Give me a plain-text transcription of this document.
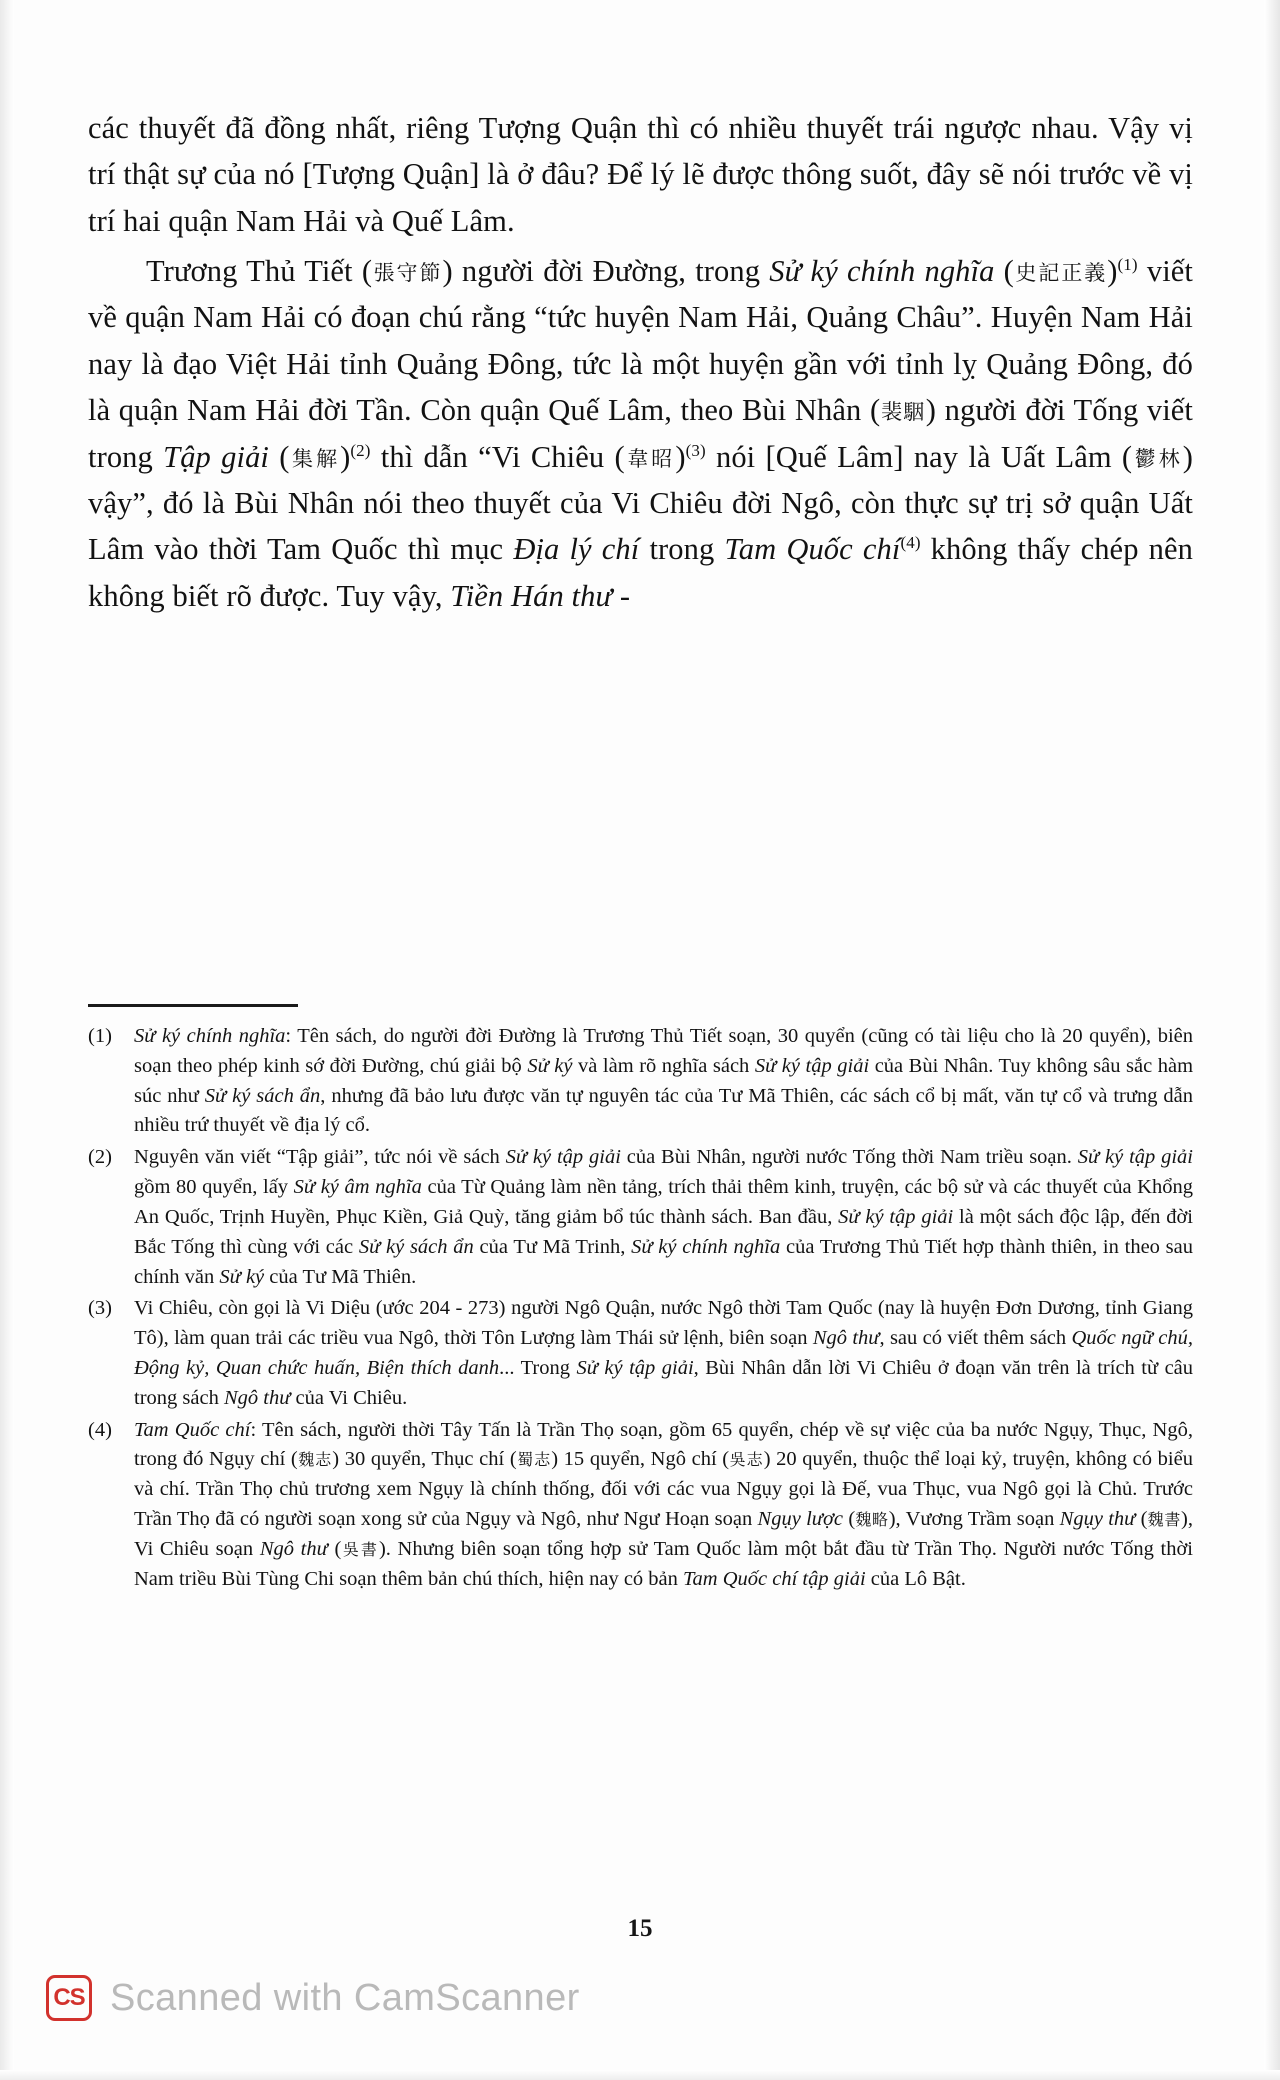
các thuyết đã đồng nhất, riêng Tượng Quận thì có nhiều thuyết trái ngược nhau. Vậy vị trí thật sự của nó [Tượng Quận] là ở đâu? Để lý lẽ được thông suốt, đây sẽ nói trước về vị trí hai quận Nam Hải và Quế Lâm.

Trương Thủ Tiết (張守節) người đời Đường, trong Sử ký chính nghĩa (史記正義)$^{(1)}$ viết về quận Nam Hải có đoạn chú rằng “tức huyện Nam Hải, Quảng Châu”. Huyện Nam Hải nay là đạo Việt Hải tỉnh Quảng Đông, tức là một huyện gần với tỉnh lỵ Quảng Đông, đó là quận Nam Hải đời Tần. Còn quận Quế Lâm, theo Bùi Nhân (裴駰) người đời Tống viết trong Tập giải (集解)$^{(2)}$ thì dẫn “Vi Chiêu (韋昭)$^{(3)}$ nói [Quế Lâm] nay là Uất Lâm (鬱林) vậy”, đó là Bùi Nhân nói theo thuyết của Vi Chiêu đời Ngô, còn thực sự trị sở quận Uất Lâm vào thời Tam Quốc thì mục Địa lý chí trong Tam Quốc chí$^{(4)}$ không thấy chép nên không biết rõ được. Tuy vậy, Tiền Hán thư -

(1)	Sử ký chính nghĩa: Tên sách, do người đời Đường là Trương Thủ Tiết soạn, 30 quyển (cũng có tài liệu cho là 20 quyển), biên soạn theo phép kinh sớ đời Đường, chú giải bộ Sử ký và làm rõ nghĩa sách Sử ký tập giải của Bùi Nhân. Tuy không sâu sắc hàm súc như Sử ký sách ẩn, nhưng đã bảo lưu được văn tự nguyên tác của Tư Mã Thiên, các sách cổ bị mất, văn tự cổ và trưng dẫn nhiều trứ thuyết về địa lý cổ.
(2)	Nguyên văn viết “Tập giải”, tức nói về sách Sử ký tập giải của Bùi Nhân, người nước Tống thời Nam triều soạn. Sử ký tập giải gồm 80 quyển, lấy Sử ký âm nghĩa của Từ Quảng làm nền tảng, trích thải thêm kinh, truyện, các bộ sử và các thuyết của Khổng An Quốc, Trịnh Huyền, Phục Kiền, Giả Quỳ, tăng giảm bổ túc thành sách. Ban đầu, Sử ký tập giải là một sách độc lập, đến đời Bắc Tống thì cùng với các Sử ký sách ẩn của Tư Mã Trinh, Sử ký chính nghĩa của Trương Thủ Tiết hợp thành thiên, in theo sau chính văn Sử ký của Tư Mã Thiên.
(3)	Vi Chiêu, còn gọi là Vi Diệu (ước 204 - 273) người Ngô Quận, nước Ngô thời Tam Quốc (nay là huyện Đơn Dương, tỉnh Giang Tô), làm quan trải các triều vua Ngô, thời Tôn Lượng làm Thái sử lệnh, biên soạn Ngô thư, sau có viết thêm sách Quốc ngữ chú, Động kỷ, Quan chức huấn, Biện thích danh... Trong Sử ký tập giải, Bùi Nhân dẫn lời Vi Chiêu ở đoạn văn trên là trích từ câu trong sách Ngô thư của Vi Chiêu.
(4)	Tam Quốc chí: Tên sách, người thời Tây Tấn là Trần Thọ soạn, gồm 65 quyển, chép về sự việc của ba nước Ngụy, Thục, Ngô, trong đó Ngụy chí (魏志) 30 quyển, Thục chí (蜀志) 15 quyển, Ngô chí (吳志) 20 quyển, thuộc thể loại kỷ, truyện, không có biểu và chí. Trần Thọ chủ trương xem Ngụy là chính thống, đối với các vua Ngụy gọi là Đế, vua Thục, vua Ngô gọi là Chủ. Trước Trần Thọ đã có người soạn xong sử của Ngụy và Ngô, như Ngư Hoạn soạn Ngụy lược (魏略), Vương Trầm soạn Ngụy thư (魏書), Vi Chiêu soạn Ngô thư (吳書). Nhưng biên soạn tổng hợp sử Tam Quốc làm một bắt đầu từ Trần Thọ. Người nước Tống thời Nam triều Bùi Tùng Chi soạn thêm bản chú thích, hiện nay có bản Tam Quốc chí tập giải của Lô Bật.
15
CS Scanned with CamScanner
